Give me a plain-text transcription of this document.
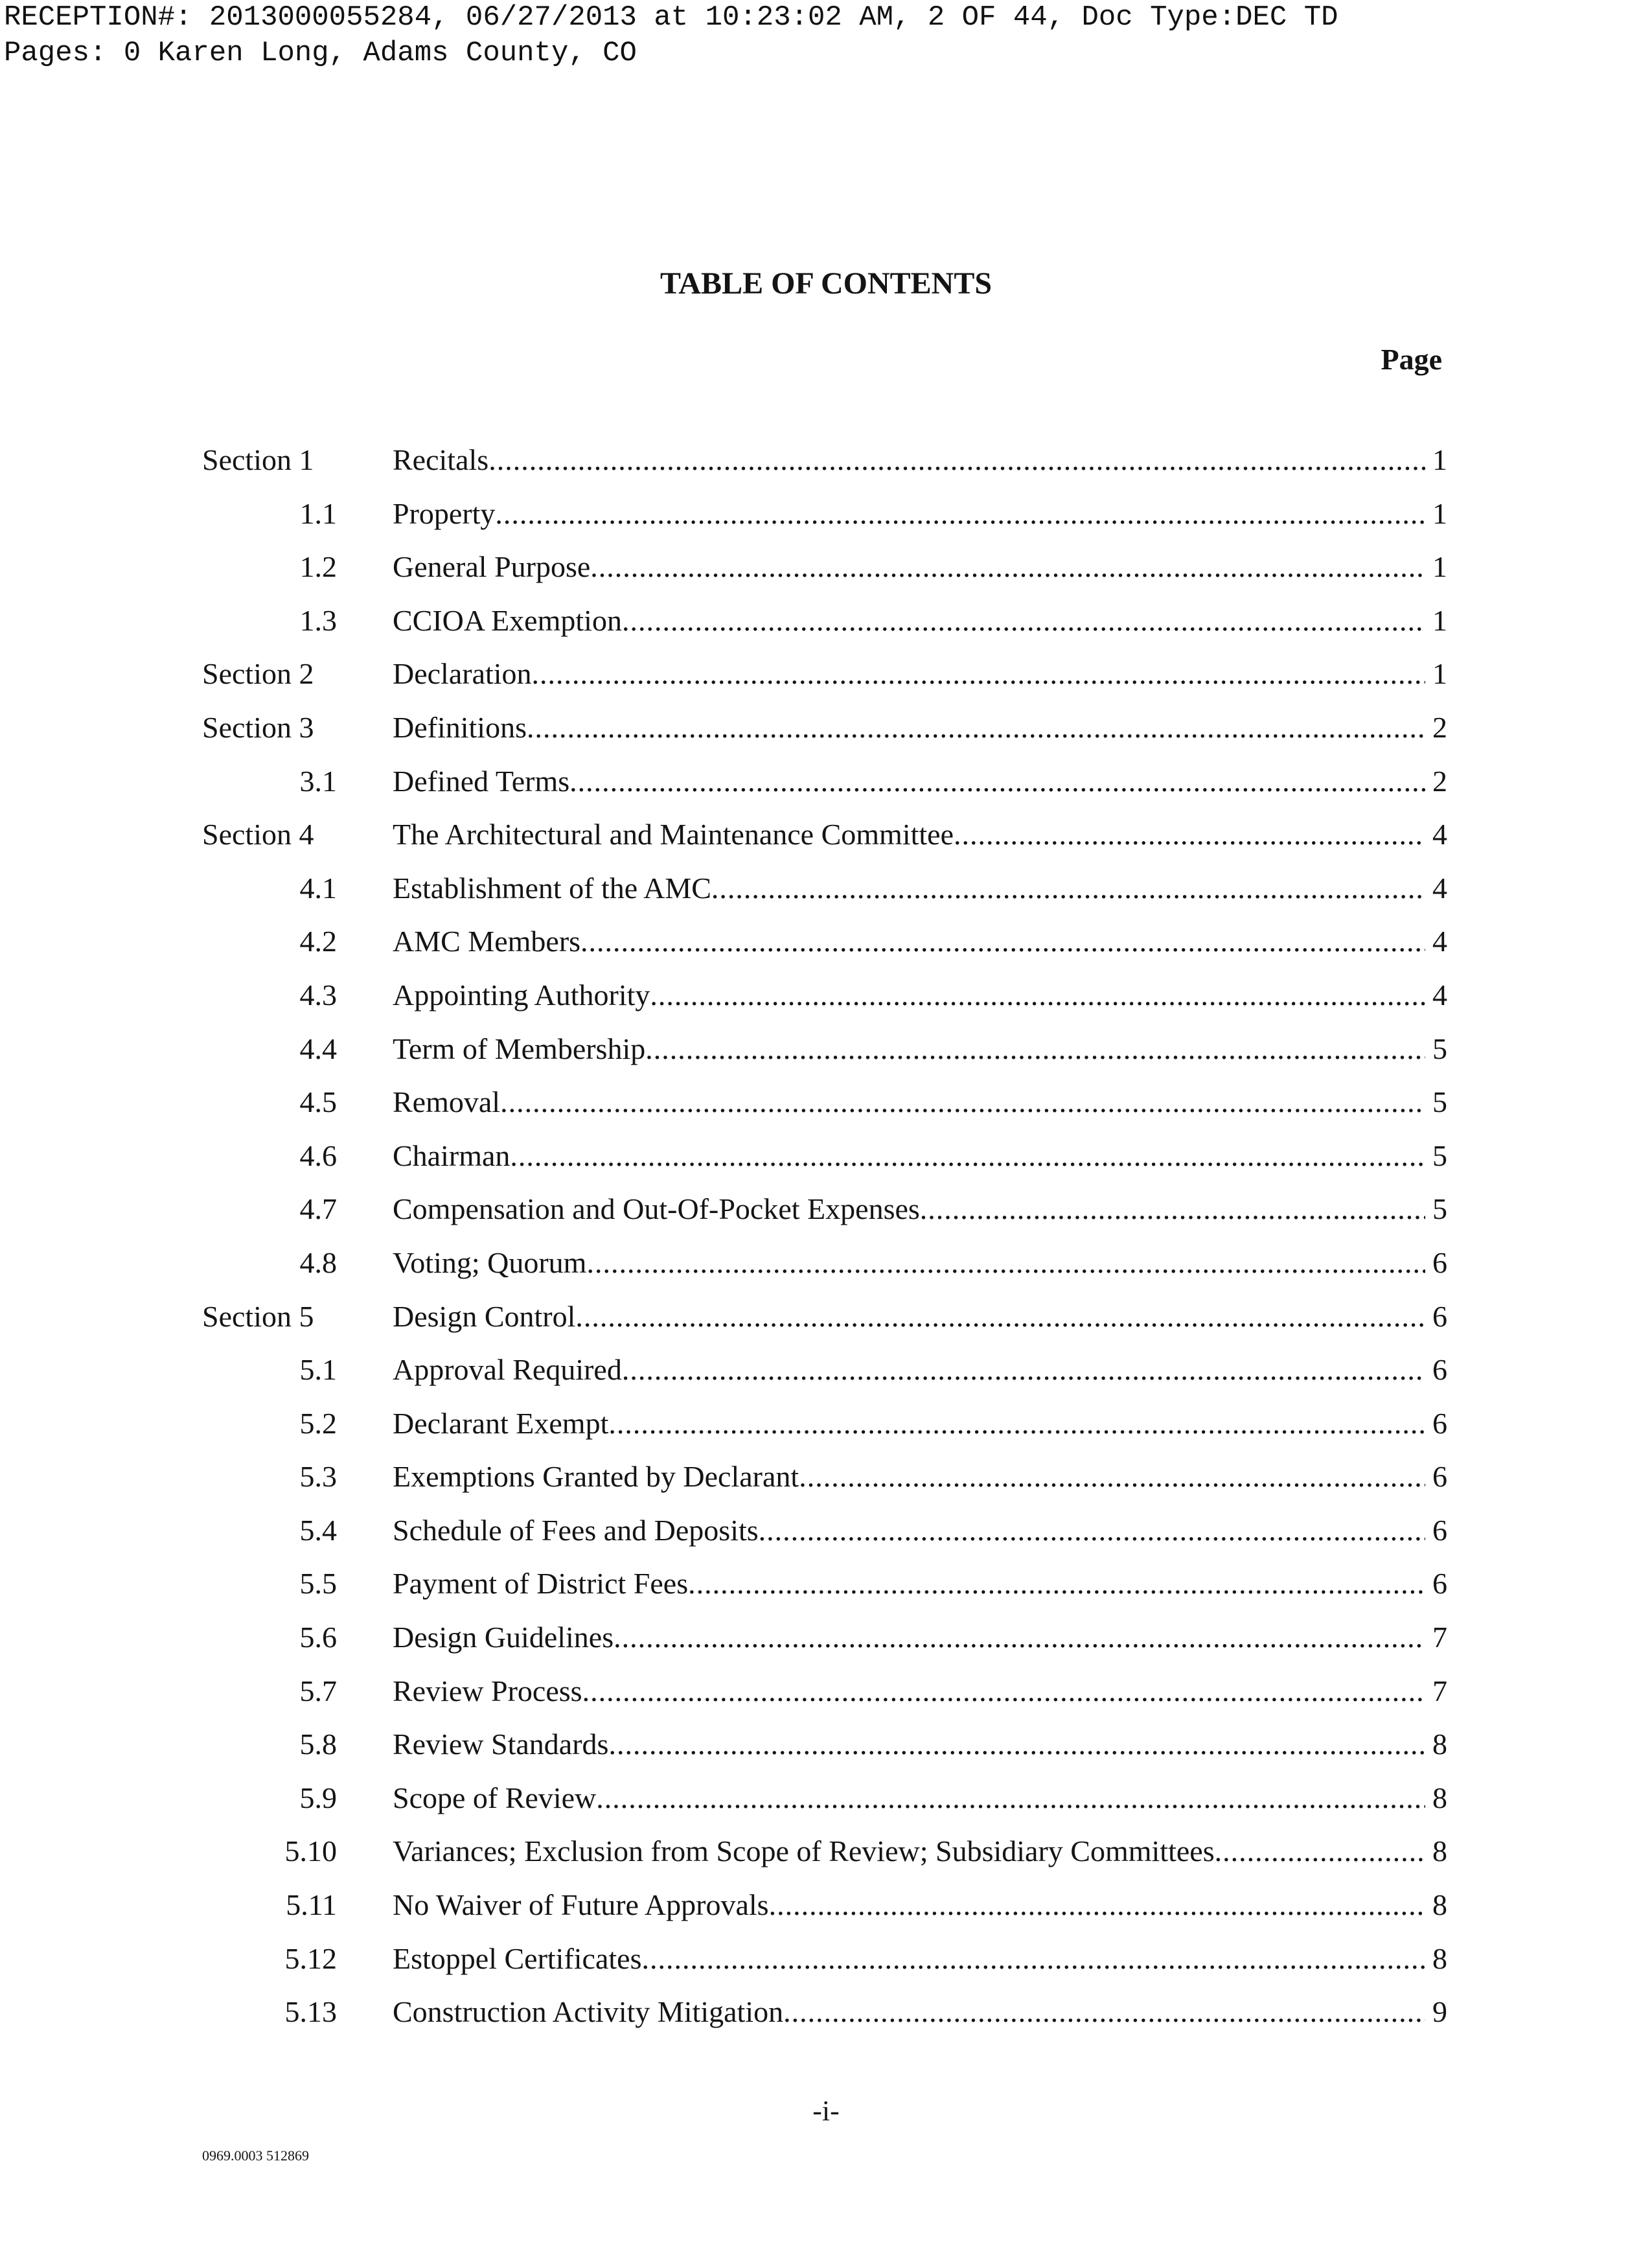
RECEPTION#: 2013000055284, 06/27/2013 at 10:23:02 AM, 2 OF 44, Doc Type:DEC TD
Pages: 0 Karen Long, Adams County, CO
TABLE OF CONTENTS
Page
Section 1	Recitals .....	1
1.1 Property .....	1
1.2 General Purpose .....	1
1.3 CCIOA Exemption .....	1
Section 2	Declaration .....	1
Section 3	Definitions .....	2
3.1 Defined Terms .....	2
Section 4	The Architectural and Maintenance Committee .....	4
4.1 Establishment of the AMC .....	4
4.2 AMC Members .....	4
4.3 Appointing Authority .....	4
4.4 Term of Membership .....	5
4.5 Removal .....	5
4.6 Chairman .....	5
4.7 Compensation and Out-Of-Pocket Expenses .....	5
4.8 Voting; Quorum .....	6
Section 5	Design Control .....	6
5.1 Approval Required .....	6
5.2 Declarant Exempt .....	6
5.3 Exemptions Granted by Declarant .....	6
5.4 Schedule of Fees and Deposits .....	6
5.5 Payment of District Fees .....	6
5.6 Design Guidelines .....	7
5.7 Review Process .....	7
5.8 Review Standards .....	8
5.9 Scope of Review .....	8
5.10 Variances; Exclusion from Scope of Review; Subsidiary Committees .....	8
5.11 No Waiver of Future Approvals .....	8
5.12 Estoppel Certificates .....	8
5.13 Construction Activity Mitigation .....	9
-i-
0969.0003 512869
